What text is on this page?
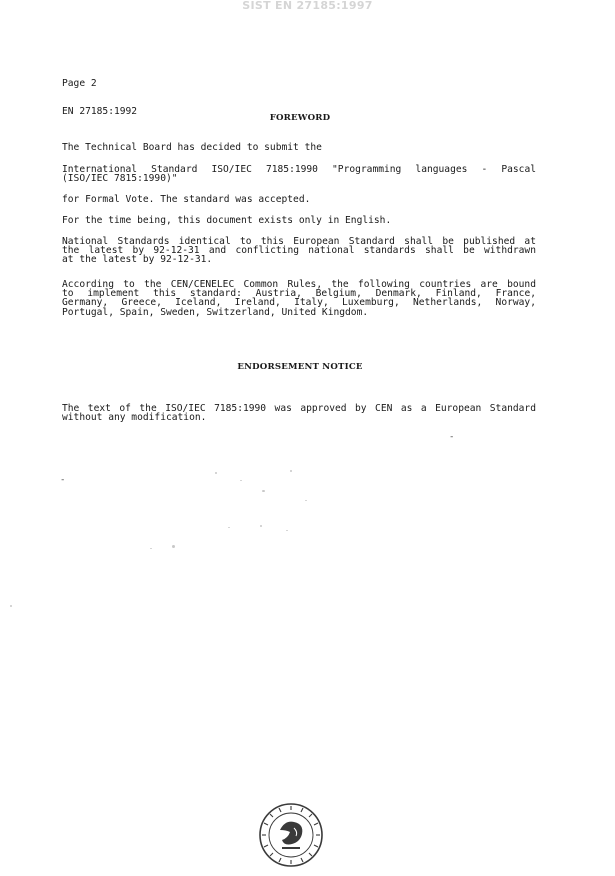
SIST EN 27185:1997

Page 2

EN 27185:1992

FOREWORD
The Technical Board has decided to submit the
International Standard ISO/IEC 7185:1990 "Programming languages - Pascal
(ISO/IEC 7815:1990)"
for Formal Vote. The standard was accepted.
For the time being, this document exists only in English.
National Standards identical to this European Standard shall be published at
the latest by 92-12-31 and conflicting national standards shall be withdrawn
at the latest by 92-12-31.
According to the CEN/CENELEC Common Rules, the following countries are bound
to implement this standard: Austria, Belgium, Denmark, Finland, France,
Germany, Greece, Iceland, Ireland, Italy, Luxemburg, Netherlands, Norway,
Portugal, Spain, Sweden, Switzerland, United Kingdom.
ENDORSEMENT NOTICE
The text of the ISO/IEC 7185:1990 was approved by CEN as a European Standard
without any modification.
-
-
